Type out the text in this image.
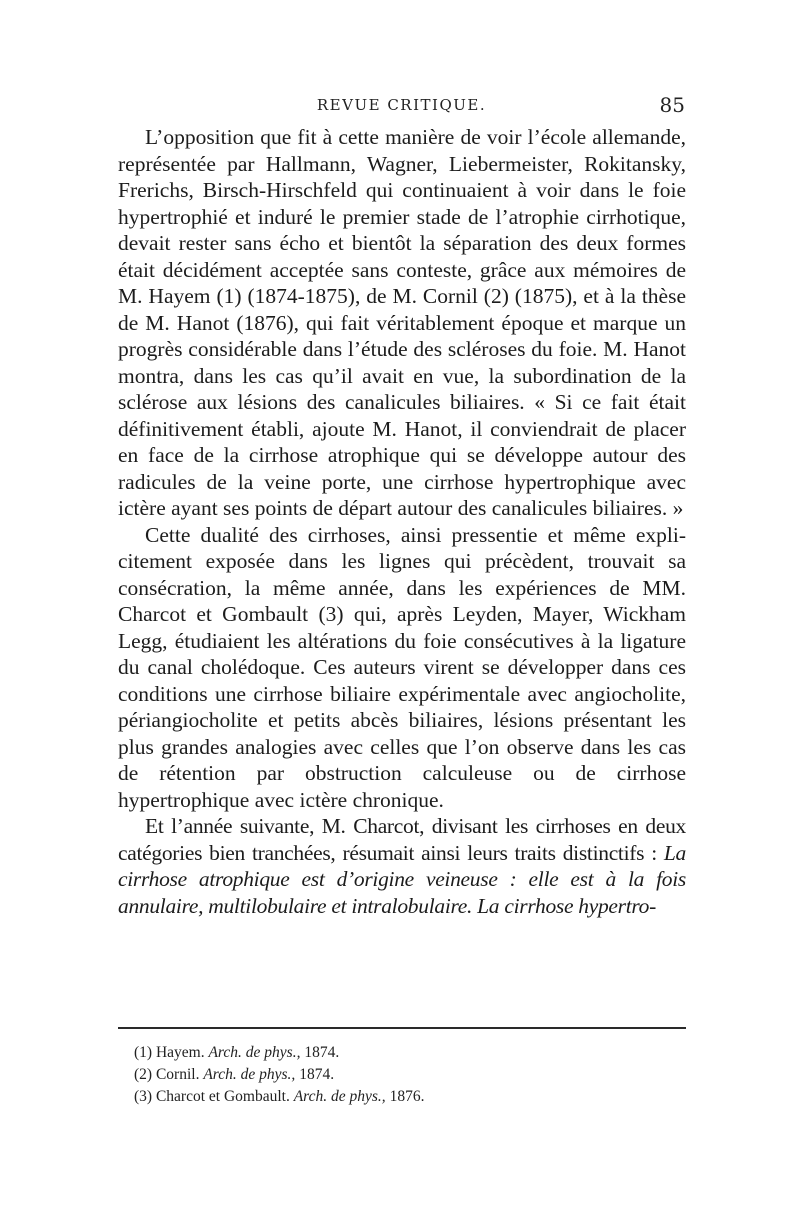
REVUE CRITIQUE.	85

L’opposition que fit à cette manière de voir l’école allemande, représentée par Hallmann, Wagner, Liebermeister, Rokitansky, Frerichs, Birsch-Hirschfeld qui continuaient à voir dans le foie hypertrophié et induré le premier stade de l’atrophie cirrhotique, devait rester sans écho et bientôt la séparation des deux formes était décidément acceptée sans conteste, grâce aux mémoires de M. Hayem (1) (1874-1875), de M. Cornil (2) (1875), et à la thèse de M. Hanot (1876), qui fait véritablement époque et marque un progrès considérable dans l’étude des scléroses du foie. M. Hanot montra, dans les cas qu’il avait en vue, la subordination de la sclérose aux lésions des canalicules biliaires. « Si ce fait était définitivement établi, ajoute M. Hanot, il conviendrait de placer en face de la cirrhose atrophique qui se développe autour des radicules de la veine porte, une cirrhose hypertrophique avec ictère ayant ses points de départ autour des canalicules biliaires. »

Cette dualité des cirrhoses, ainsi pressentie et même explicitement exposée dans les lignes qui précèdent, trouvait sa consécration, la même année, dans les expériences de MM. Charcot et Gombault (3) qui, après Leyden, Mayer, Wickham Legg, étudiaient les altérations du foie consécutives à la ligature du canal cholédoque. Ces auteurs virent se développer dans ces conditions une cirrhose biliaire expérimentale avec angiocholite, périangiocholite et petits abcès biliaires, lésions présentant les plus grandes analogies avec celles que l’on observe dans les cas de rétention par obstruction calculeuse ou de cirrhose hypertrophique avec ictère chronique.

Et l’année suivante, M. Charcot, divisant les cirrhoses en deux catégories bien tranchées, résumait ainsi leurs traits distinctifs : La cirrhose atrophique est d’origine veineuse : elle est à la fois annulaire, multilobulaire et intralobulaire. La cirrhose hypertro-

(1) Hayem. Arch. de phys., 1874.

(2) Cornil. Arch. de phys., 1874.

(3) Charcot et Gombault. Arch. de phys., 1876.
